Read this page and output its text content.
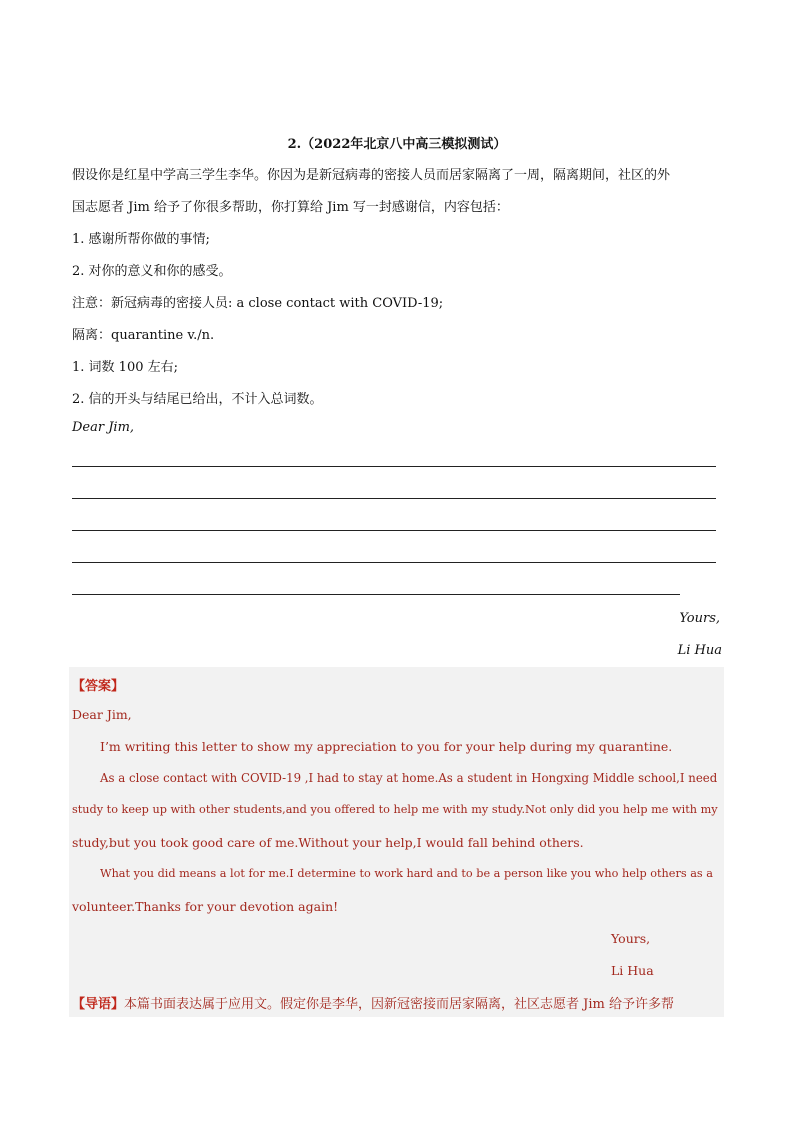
2.（2022年北京八中高三模拟测试）
假设你是红星中学高三学生李华。你因为是新冠病毒的密接人员而居家隔离了一周，隔离期间，社区的外
国志愿者 Jim 给予了你很多帮助，你打算给 Jim 写一封感谢信，内容包括：
1. 感谢所帮你做的事情;
2. 对你的意义和你的感受。
注意：新冠病毒的密接人员: a close contact with COVID-19;
隔离：quarantine v./n.
1. 词数 100 左右;
2. 信的开头与结尾已给出，不计入总词数。
Dear Jim,
Yours,
Li Hua
【答案】
Dear Jim,
I’m writing this letter to show my appreciation to you for your help during my quarantine.
As a close contact with COVID-19 ,I had to stay at home.As a student in Hongxing Middle school,I need
study to keep up with other students,and you offered to help me with my study.Not only did you help me with my
study,but you took good care of me.Without your help,I would fall behind others.
What you did means a lot for me.I determine to work hard and to be a person like you who help others as a
volunteer.Thanks for your devotion again!
Yours,
Li Hua
【导语】本篇书面表达属于应用文。假定你是李华，因新冠密接而居家隔离，社区志愿者 Jim 给予许多帮
